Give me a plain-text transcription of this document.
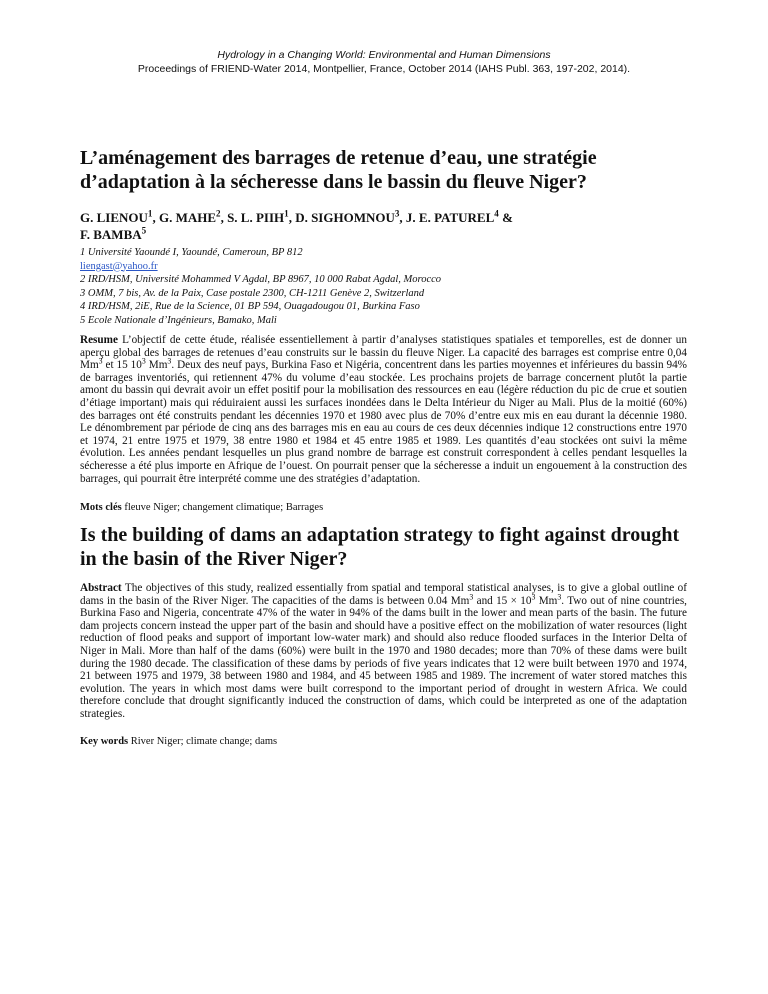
Hydrology in a Changing World: Environmental and Human Dimensions
Proceedings of FRIEND-Water 2014, Montpellier, France, October 2014 (IAHS Publ. 363, 197-202, 2014).
L’aménagement des barrages de retenue d’eau, une stratégie d’adaptation à la sécheresse dans le bassin du fleuve Niger?
G. LIENOU$^1$, G. MAHE$^2$, S. L. PIIH$^1$, D. SIGHOMNOU$^3$, J. E. PATUREL$^4$ &
F. BAMBA$^5$
1 Université Yaoundé I, Yaoundé, Cameroun, BP 812
liengast@yahoo.fr
2 IRD/HSM, Université Mohammed V Agdal, BP 8967, 10 000 Rabat Agdal, Morocco
3 OMM, 7 bis, Av. de la Paix, Case postale 2300, CH-1211 Genève 2, Switzerland
4 IRD/HSM, 2iE, Rue de la Science, 01 BP 594, Ouagadougou 01, Burkina Faso
5 Ecole Nationale d’Ingénieurs, Bamako, Mali

Resume L’objectif de cette étude, réalisée essentiellement à partir d’analyses statistiques spatiales et temporelles, est de donner un aperçu global des barrages de retenues d’eau construits sur le bassin du fleuve Niger. La capacité des barrages est comprise entre 0,04 Mm$^3$ et 15 $10^3$ Mm$^3$. Deux des neuf pays, Burkina Faso et Nigéria, concentrent dans les parties moyennes et inférieures du bassin 94% de barrages inventoriés, qui retiennent 47% du volume d’eau stockée. Les prochains projets de barrage concernent plutôt la partie amont du bassin qui devrait avoir un effet positif pour la mobilisation des ressources en eau (légère réduction du pic de crue et soutien d’étiage important) mais qui réduiraient aussi les surfaces inondées dans le Delta Intérieur du Niger au Mali. Plus de la moitié (60%) des barrages ont été construits pendant les décennies 1970 et 1980 avec plus de 70% d’entre eux mis en eau durant la décennie 1980. Le dénombrement par période de cinq ans des barrages mis en eau au cours de ces deux décennies indique 12 constructions entre 1970 et 1974, 21 entre 1975 et 1979, 38 entre 1980 et 1984 et 45 entre 1985 et 1989. Les quantités d’eau stockées ont suivi la même évolution. Les années pendant lesquelles un plus grand nombre de barrage est construit correspondent à celles pendant lesquelles la sécheresse a été plus importe en Afrique de l’ouest. On pourrait penser que la sécheresse a induit un engouement à la construction des barrages, qui pourrait être interprété comme une des stratégies d’adaptation.

Mots clés fleuve Niger; changement climatique; Barrages
Is the building of dams an adaptation strategy to fight against drought in the basin of the River Niger?

Abstract The objectives of this study, realized essentially from spatial and temporal statistical analyses, is to give a global outline of dams in the basin of the River Niger. The capacities of the dams is between 0.04 Mm$^3$ and $15 \times 10^3$ Mm$^3$. Two out of nine countries, Burkina Faso and Nigeria, concentrate 47% of the water in 94% of the dams built in the lower and mean parts of the basin. The future dam projects concern instead the upper part of the basin and should have a positive effect on the mobilization of water resources (light reduction of flood peaks and support of important low-water mark) and should also reduce flooded surfaces in the Interior Delta of Niger in Mali. More than half of the dams (60%) were built in the 1970 and 1980 decades; more than 70% of these dams were built during the 1980 decade. The classification of these dams by periods of five years indicates that 12 were built between 1970 and 1974, 21 between 1975 and 1979, 38 between 1980 and 1984, and 45 between 1985 and 1989. The increment of water stored matches this evolution. The years in which most dams were built correspond to the important period of drought in western Africa. We could therefore conclude that drought significantly induced the construction of dams, which could be interpreted as one of the adaptation strategies.

Key words River Niger; climate change; dams
